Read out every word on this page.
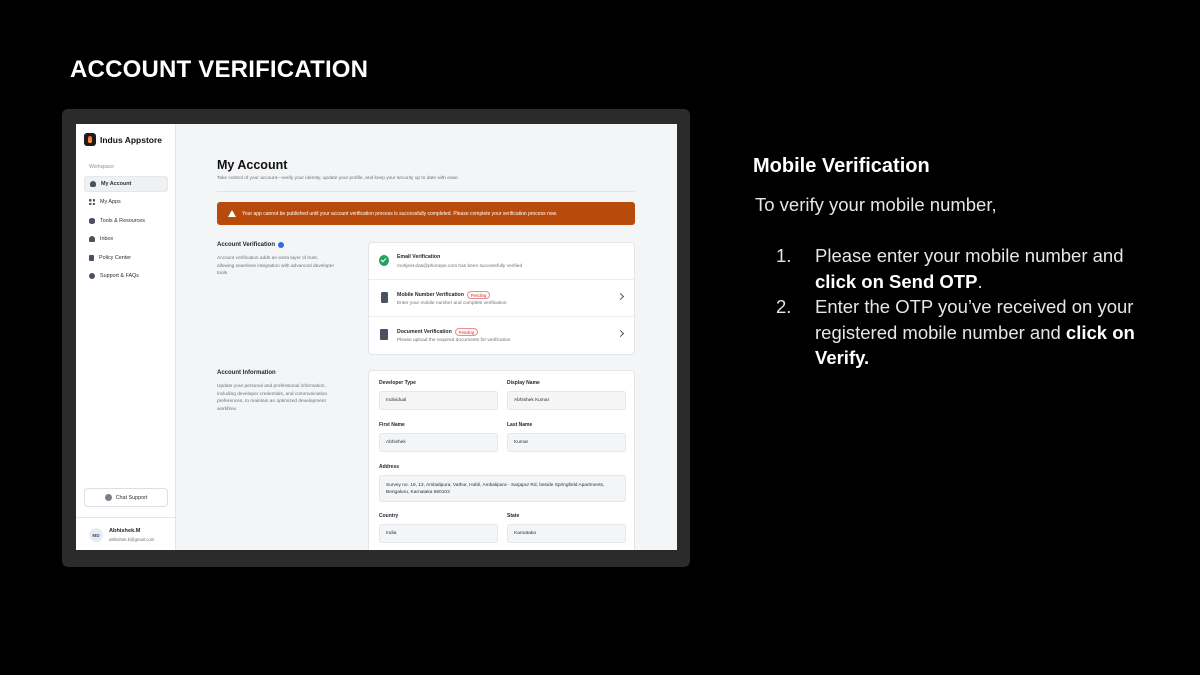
ACCOUNT VERIFICATION
Indus Appstore
Workspace
My Account
My Apps
Tools & Resources
Inbox
Policy Center
Support & FAQs
Chat Support
MD
Abhishek.M
abhishek.k@gmail.com
My Account
Take control of your account—verify your identity, update your profile, and keep your security up to date with ease
Your app cannot be published until your account verification process is successfully completed. Please complete your verification process now.
Account Verification
Account verification adds an extra layer of trust, allowing seamless integration with advanced developer tools
Email Verification
mohjeet.das@phonepe.com has been successfully verified
Mobile Number Verification	Pending
Enter your mobile number and complete verification
Document Verification	Pending
Please upload the required documents for verification
Account Information
Update your personal and professional information, including developer credentials, and communication preferences, to maintain an optimized development workflow.
Developer Type
Individual
Display Name
Abhishek Kumar
First Name
Abhishek
Last Name
Kumar
Address
Survey no. 19, 13, Ambalipura, Vathur, Hobli, Ambalipura - Sarjapur Rd, beside Springfield Apartments, Bengaluru, Karnataka 560103
Country
India
State
Karnataka
Mobile Verification
To verify your mobile number,
1. Please enter your mobile number and click on Send OTP.
2. Enter the OTP you’ve received on your registered mobile number and click on Verify.
